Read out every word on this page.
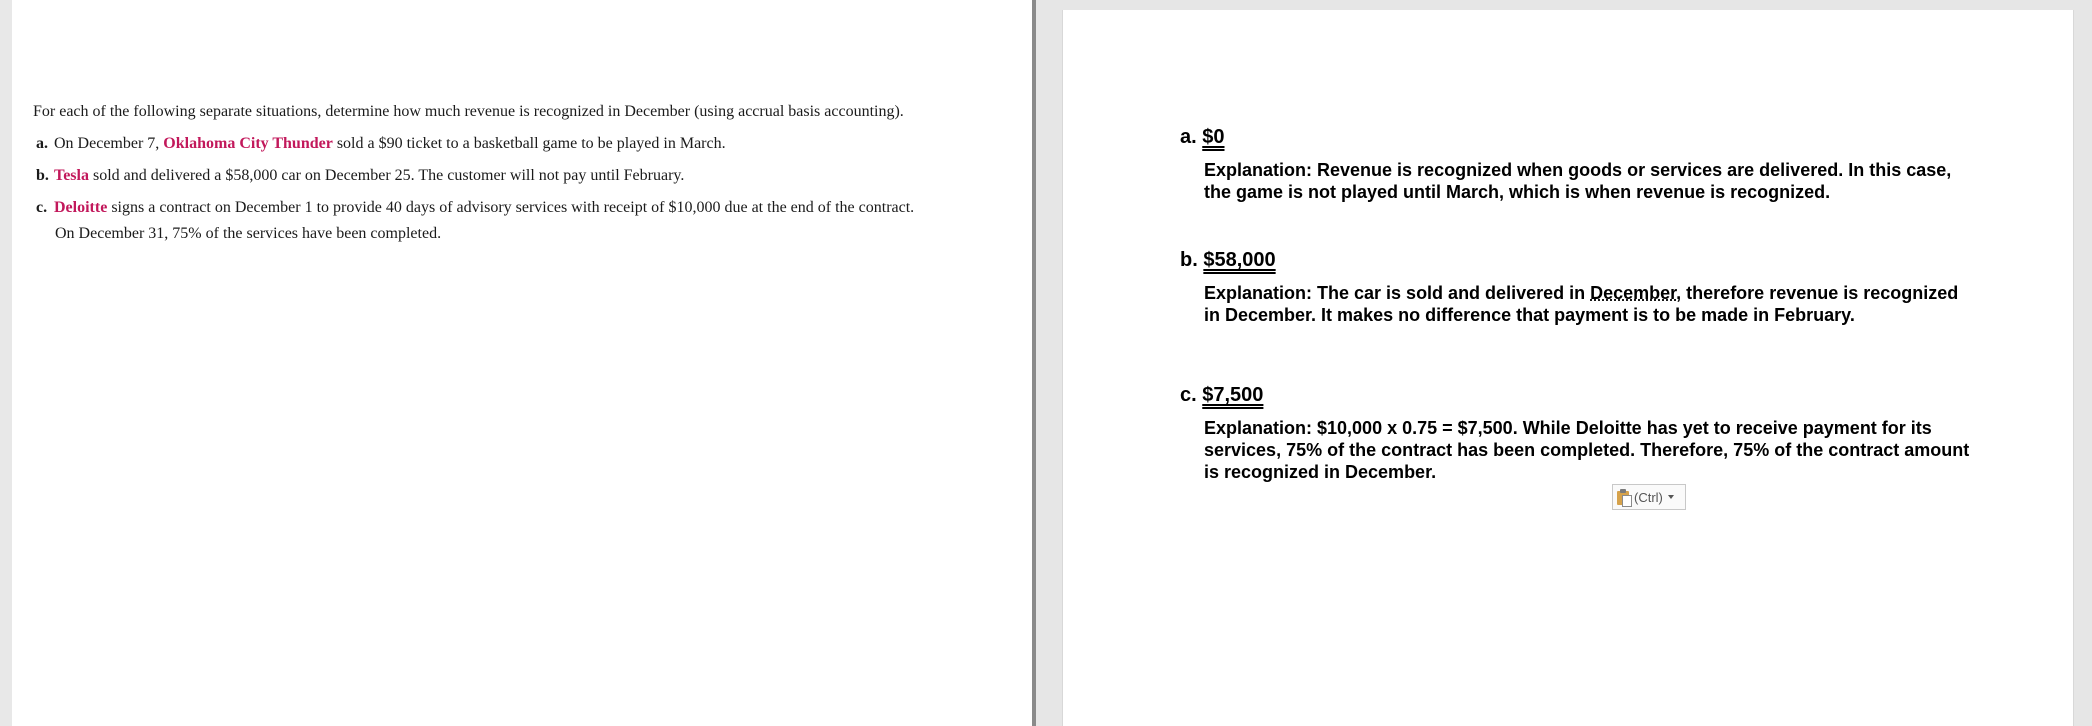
For each of the following separate situations, determine how much revenue is recognized in December (using accrual basis accounting).
a. On December 7, Oklahoma City Thunder sold a $90 ticket to a basketball game to be played in March.
b. Tesla sold and delivered a $58,000 car on December 25. The customer will not pay until February.
c. Deloitte signs a contract on December 1 to provide 40 days of advisory services with receipt of $10,000 due at the end of the contract.
On December 31, 75% of the services have been completed.
a. $0
Explanation: Revenue is recognized when goods or services are delivered. In this case, the game is not played until March, which is when revenue is recognized.
b. $58,000
Explanation: The car is sold and delivered in December, therefore revenue is recognized in December. It makes no difference that payment is to be made in February.
c. $7,500
Explanation: $10,000 x 0.75 = $7,500. While Deloitte has yet to receive payment for its services, 75% of the contract has been completed. Therefore, 75% of the contract amount is recognized in December.
(Ctrl)
